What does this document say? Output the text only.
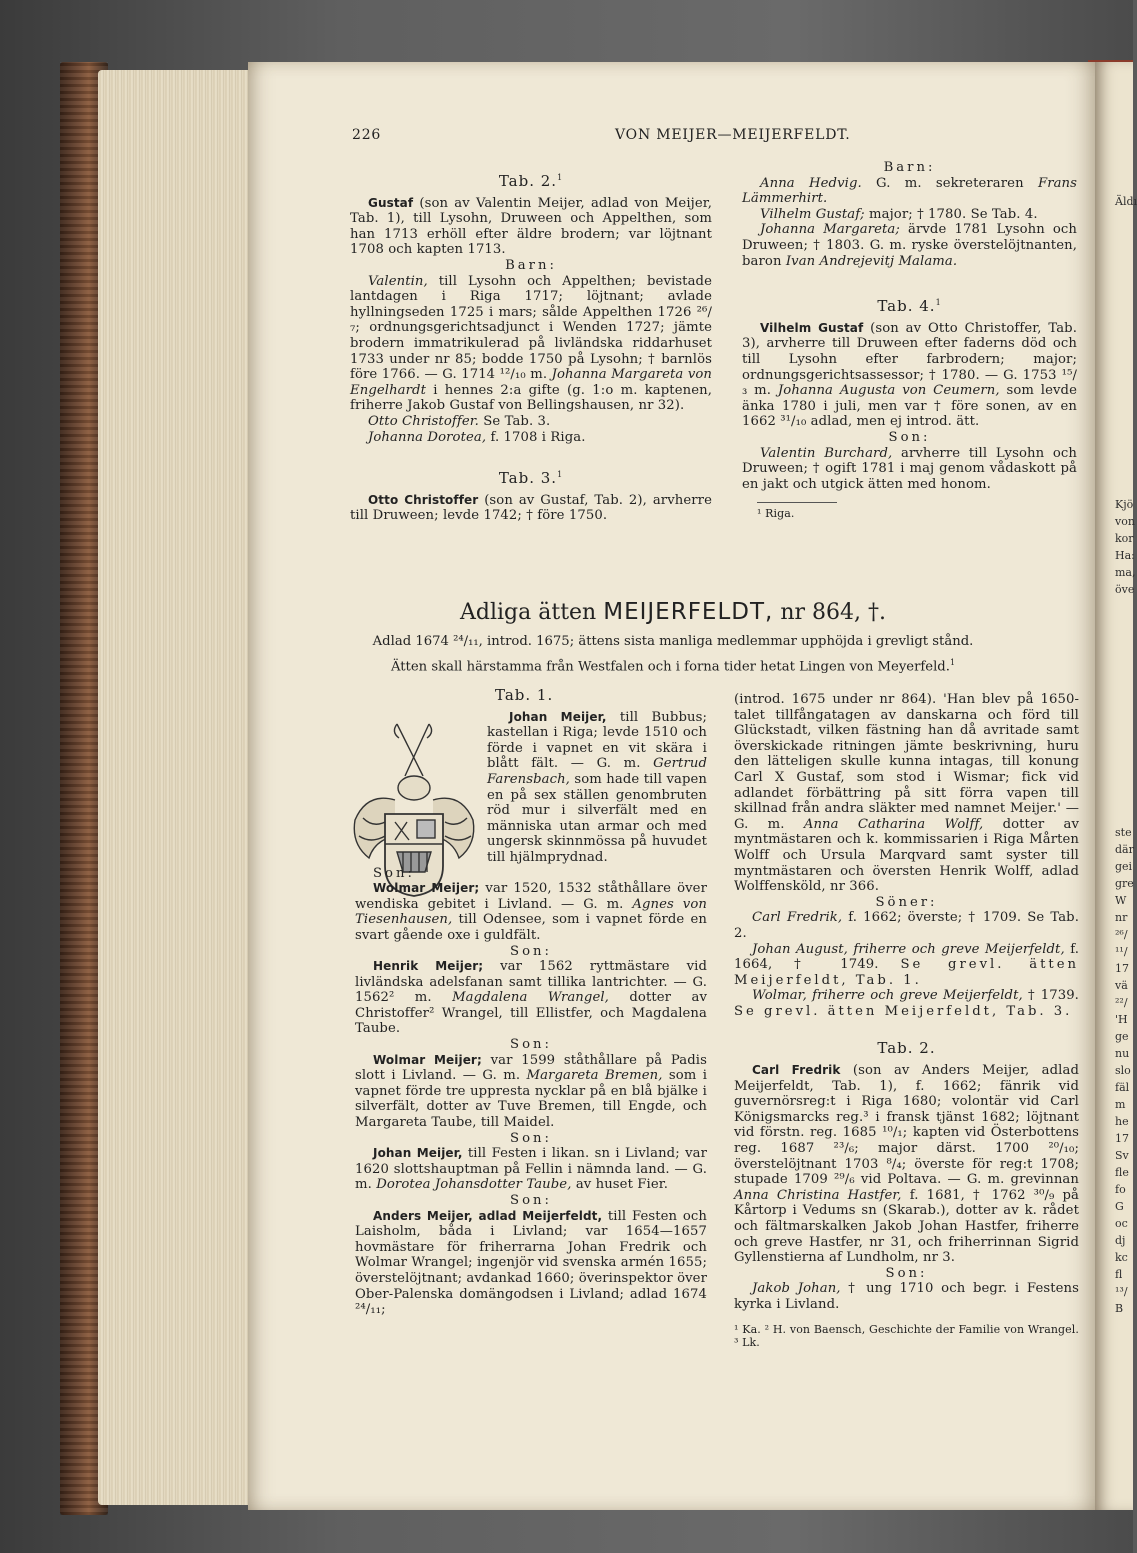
Äldı
Kjö
von
kor
Ha:
ma,
öve
ste
där
gei
gre
W
nr
²⁶/
¹¹/
17
vä
²²/
'H
ge
nu
slo
fäl
m
he
17
Sv
fle
fo
G
oc
dj
kc
fl
¹³/
B
226	VON MEIJER—MEIJERFELDT.
Tab. 2.$^1$

Gustaf (son av Valentin Meijer, adlad von Meijer, Tab. 1), till Lysohn, Druween och Appelthen, som han 1713 erhöll efter äldre brodern; var löjtnant 1708 och kapten 1713.

Barn:

Valentin, till Lysohn och Appelthen; bevistade lantdagen i Riga 1717; löjtnant; avlade hyllningseden 1725 i mars; sålde Appelthen 1726 ²⁶/₇; ordnungsgerichtsadjunct i Wenden 1727; jämte brodern immatrikulerad på livländska riddarhuset 1733 under nr 85; bodde 1750 på Lysohn; † barnlös före 1766. — G. 1714 ¹²/₁₀ m. Johanna Margareta von Engelhardt i hennes 2:a gifte (g. 1:o m. kaptenen, friherre Jakob Gustaf von Bellingshausen, nr 32).

Otto Christoffer. Se Tab. 3.

Johanna Dorotea, f. 1708 i Riga.

Tab. 3.$^1$

Otto Christoffer (son av Gustaf, Tab. 2), arvherre till Druween; levde 1742; † före 1750.

Barn:

Anna Hedvig. G. m. sekreteraren Frans Lämmerhirt.

Vilhelm Gustaf; major; † 1780. Se Tab. 4.

Johanna Margareta; ärvde 1781 Lysohn och Druween; † 1803. G. m. ryske överstelöjtnanten, baron Ivan Andrejevitj Malama.

Tab. 4.$^1$

Vilhelm Gustaf (son av Otto Christoffer, Tab. 3), arvherre till Druween efter faderns död och till Lysohn efter farbrodern; major; ordnungsgerichtsassessor; † 1780. — G. 1753 ¹⁵/₃ m. Johanna Augusta von Ceumern, som levde änka 1780 i juli, men var † före sonen, av en 1662 ³¹/₁₀ adlad, men ej introd. ätt.

Son:

Valentin Burchard, arvherre till Lysohn och Druween; † ogift 1781 i maj genom vådaskott på en jakt och utgick ätten med honom.

¹ Riga.

Adliga ätten MEIJERFELDT, nr 864, †.
Adlad 1674 ²⁴/₁₁, introd. 1675; ättens sista manliga medlemmar upphöjda i grevligt stånd.
Ätten skall härstamma från Westfalen och i forna tider hetat Lingen von Meyerfeld.$^1$
Tab. 1.

Johan Meijer, till Bubbus; kastellan i Riga; levde 1510 och förde i vapnet en vit skära i blått fält. — G. m. Gertrud Farensbach, som hade till vapen en på sex ställen genombruten röd mur i silverfält med en människa utan armar och med ungersk skinnmössa på huvudet till hjälmprydnad.

Son:

Wolmar Meijer; var 1520, 1532 ståthållare över wendiska gebitet i Livland. — G. m. Agnes von Tiesenhausen, till Odensee, som i vapnet förde en svart gående oxe i guldfält.

Son:

Henrik Meijer; var 1562 ryttmästare vid livländska adelsfanan samt tillika lantrichter. — G. 1562² m. Magdalena Wrangel, dotter av Christoffer² Wrangel, till Ellistfer, och Magdalena Taube.

Son:

Wolmar Meijer; var 1599 ståthållare på Padis slott i Livland. — G. m. Margareta Bremen, som i vapnet förde tre uppresta nycklar på en blå bjälke i silverfält, dotter av Tuve Bremen, till Engde, och Margareta Taube, till Maidel.

Son:

Johan Meijer, till Festen i likan. sn i Livland; var 1620 slottshauptman på Fellin i nämnda land. — G. m. Dorotea Johansdotter Taube, av huset Fier.

Son:

Anders Meijer, adlad Meijerfeldt, till Festen och Laisholm, båda i Livland; var 1654—1657 hovmästare för friherrarna Johan Fredrik och Wolmar Wrangel; ingenjör vid svenska armén 1655; överstelöjtnant; avdankad 1660; överinspektor över Ober-Palenska domängodsen i Livland; adlad 1674 ²⁴/₁₁;

(introd. 1675 under nr 864). 'Han blev på 1650-talet tillfångatagen av danskarna och förd till Glückstadt, vilken fästning han då avritade samt överskickade ritningen jämte beskrivning, huru den lätteligen skulle kunna intagas, till konung Carl X Gustaf, som stod i Wismar; fick vid adlandet förbättring på sitt förra vapen till skillnad från andra släkter med namnet Meijer.' — G. m. Anna Catharina Wolff, dotter av myntmästaren och k. kommissarien i Riga Mårten Wolff och Ursula Marqvard samt syster till myntmästaren och översten Henrik Wolff, adlad Wolffensköld, nr 366.

Söner:

Carl Fredrik, f. 1662; överste; † 1709. Se Tab. 2.

Johan August, friherre och greve Meijerfeldt, f. 1664, † 1749. Se grevl. ätten Meijerfeldt, Tab. 1.

Wolmar, friherre och greve Meijerfeldt, † 1739. Se grevl. ätten Meijerfeldt, Tab. 3.

Tab. 2.

Carl Fredrik (son av Anders Meijer, adlad Meijerfeldt, Tab. 1), f. 1662; fänrik vid guvernörsreg:t i Riga 1680; volontär vid Carl Königsmarcks reg.³ i fransk tjänst 1682; löjtnant vid förstn. reg. 1685 ¹⁰/₁; kapten vid Österbottens reg. 1687 ²³/₆; major därst. 1700 ²⁰/₁₀; överstelöjtnant 1703 ⁸/₄; överste för reg:t 1708; stupade 1709 ²⁹/₆ vid Poltava. — G. m. grevinnan Anna Christina Hastfer, f. 1681, † 1762 ³⁰/₉ på Kårtorp i Vedums sn (Skarab.), dotter av k. rådet och fältmarskalken Jakob Johan Hastfer, friherre och greve Hastfer, nr 31, och friherrinnan Sigrid Gyllenstierna af Lundholm, nr 3.

Son:

Jakob Johan, † ung 1710 och begr. i Festens kyrka i Livland.

¹ Ka. ² H. von Baensch, Geschichte der Familie von Wrangel. ³ Lk.
